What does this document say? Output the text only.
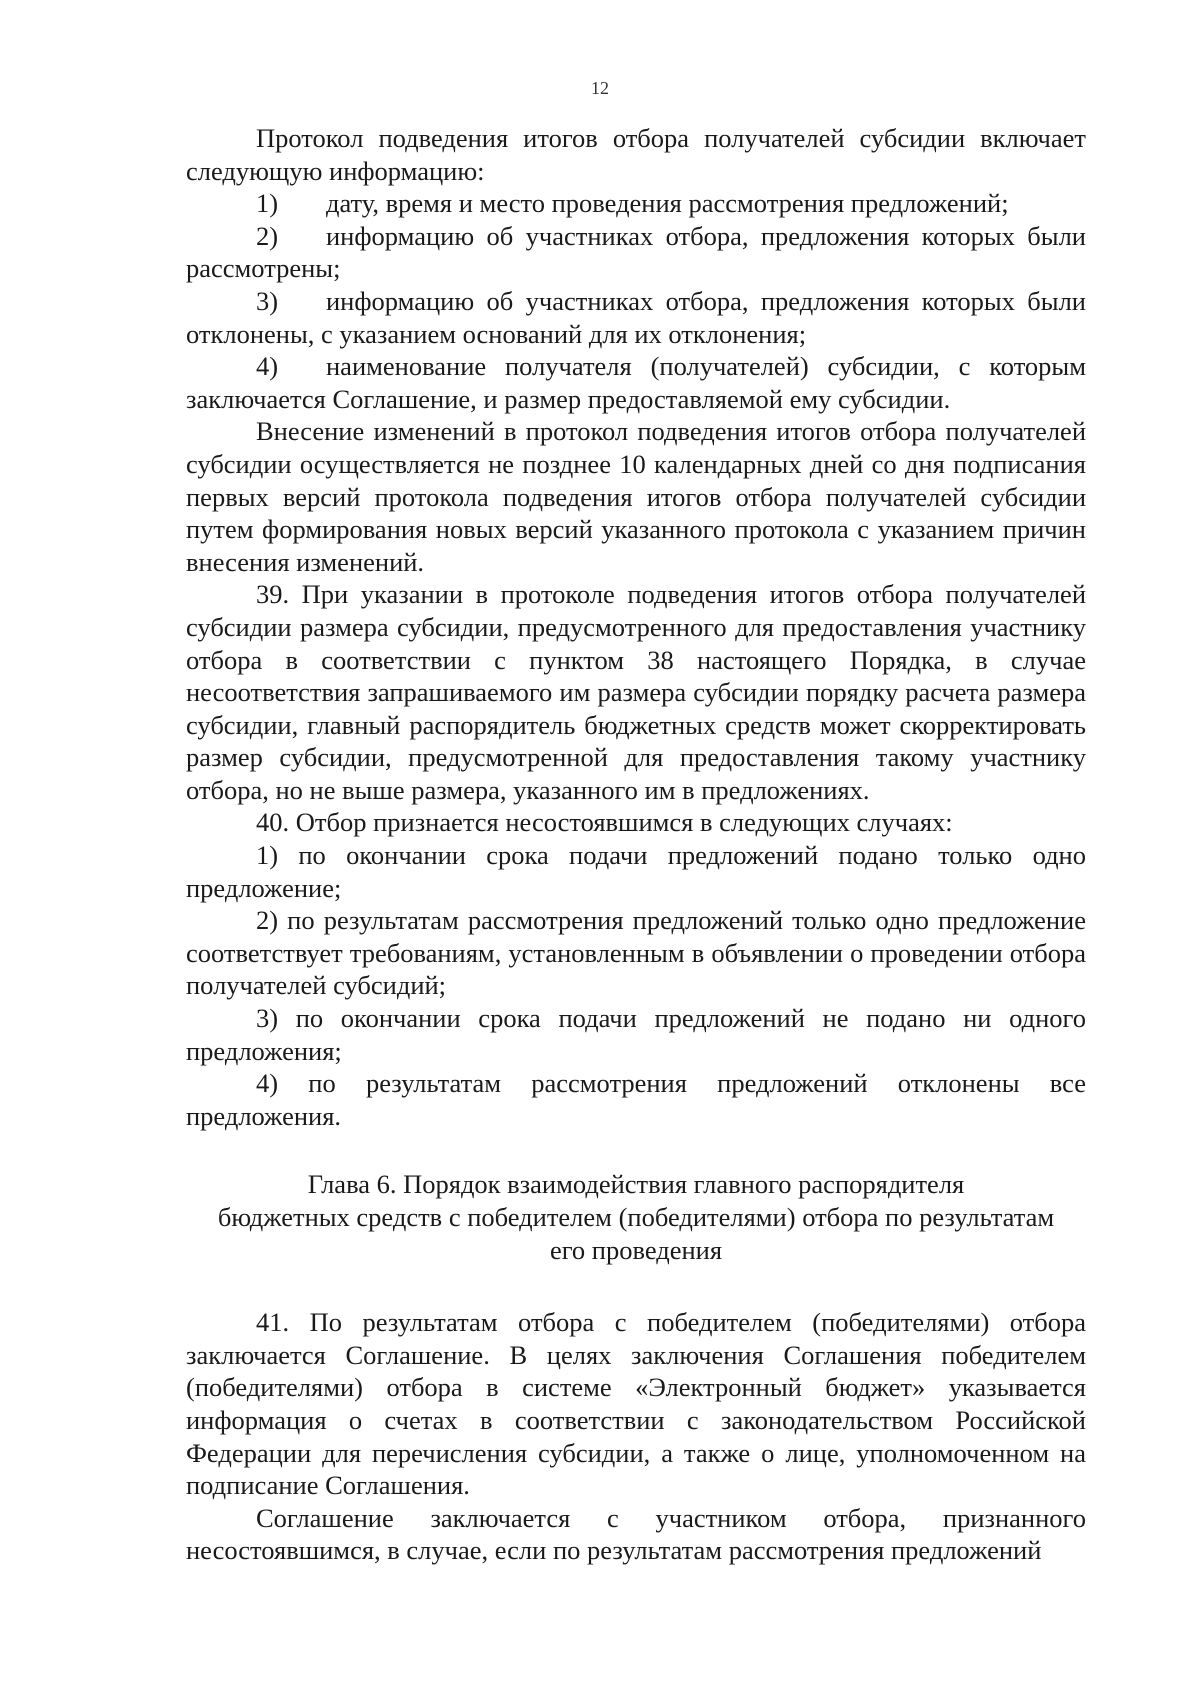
12

Протокол подведения итогов отбора получателей субсидии включает следующую информацию:

1) дату, время и место проведения рассмотрения предложений;

2) информацию об участниках отбора, предложения которых были рассмотрены;

3) информацию об участниках отбора, предложения которых были отклонены, с указанием оснований для их отклонения;

4) наименование получателя (получателей) субсидии, с которым заключается Соглашение, и размер предоставляемой ему субсидии.

Внесение изменений в протокол подведения итогов отбора получателей субсидии осуществляется не позднее 10 календарных дней со дня подписания первых версий протокола подведения итогов отбора получателей субсидии путем формирования новых версий указанного протокола с указанием причин внесения изменений.

39. При указании в протоколе подведения итогов отбора получателей субсидии размера субсидии, предусмотренного для предоставления участнику отбора в соответствии с пунктом 38 настоящего Порядка, в случае несоответствия запрашиваемого им размера субсидии порядку расчета размера субсидии, главный распорядитель бюджетных средств может скорректировать размер субсидии, предусмотренной для предоставления такому участнику отбора, но не выше размера, указанного им в предложениях.

40. Отбор признается несостоявшимся в следующих случаях:

1) по окончании срока подачи предложений подано только одно предложение;

2) по результатам рассмотрения предложений только одно предложение соответствует требованиям, установленным в объявлении о проведении отбора получателей субсидий;

3) по окончании срока подачи предложений не подано ни одного предложения;

4) по результатам рассмотрения предложений отклонены все предложения.

Глава 6. Порядок взаимодействия главного распорядителя
бюджетных средств с победителем (победителями) отбора по результатам
его проведения

41. По результатам отбора с победителем (победителями) отбора заключается Соглашение. В целях заключения Соглашения победителем (победителями) отбора в системе «Электронный бюджет» указывается информация о счетах в соответствии с законодательством Российской Федерации для перечисления субсидии, а также о лице, уполномоченном на подписание Соглашения.

Соглашение заключается с участником отбора, признанного несостоявшимся, в случае, если по результатам рассмотрения предложений
